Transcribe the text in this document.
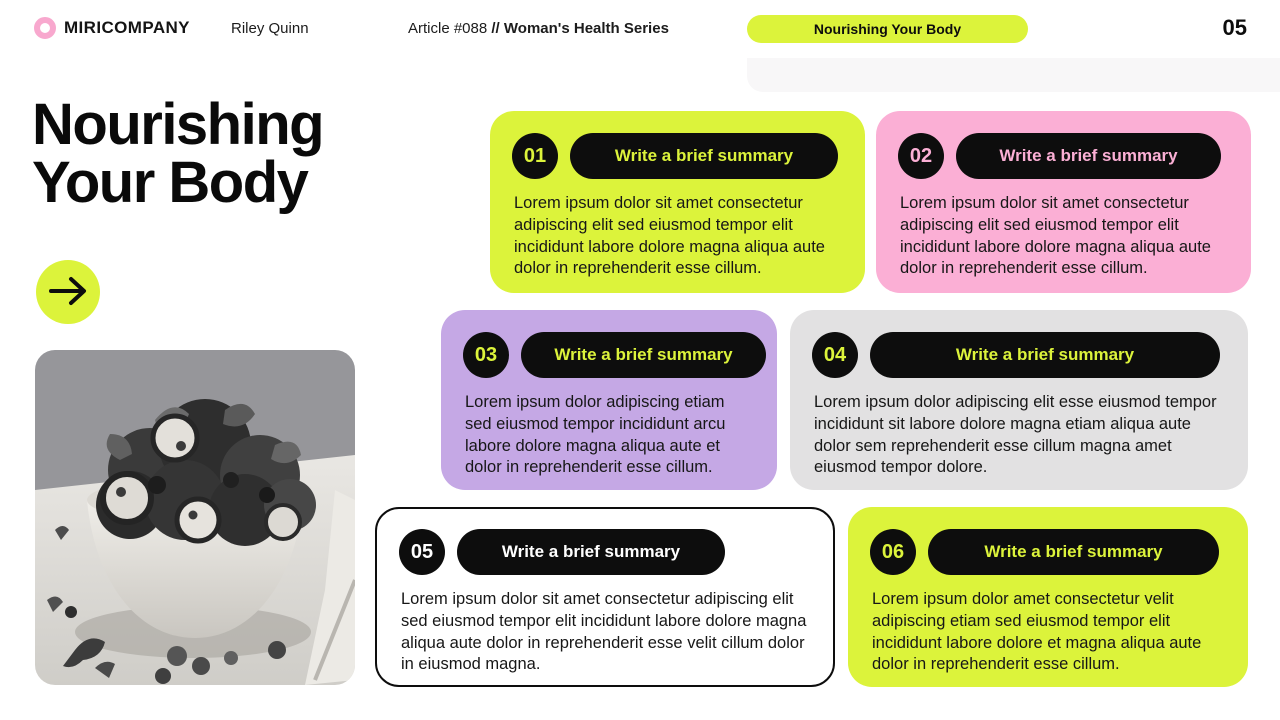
MIRICOMPANY	Riley Quinn	Article #088 // Woman's Health Series	Nourishing Your Body	05
Nourishing
Your Body	01	Write a brief summary

Lorem ipsum dolor sit amet consectetur adipiscing elit sed eiusmod tempor elit incididunt labore dolore magna aliqua aute dolor in reprehenderit esse cillum.

02	Write a brief summary

Lorem ipsum dolor sit amet consectetur adipiscing elit sed eiusmod tempor elit incididunt labore dolore magna aliqua aute dolor in reprehenderit esse cillum.

03	Write a brief summary

Lorem ipsum dolor adipiscing etiam sed eiusmod tempor incididunt arcu labore dolore magna aliqua aute et dolor in reprehenderit esse cillum.

04	Write a brief summary

Lorem ipsum dolor adipiscing elit esse eiusmod tempor incididunt sit labore dolore magna etiam aliqua aute dolor sem reprehenderit esse cillum magna amet eiusmod tempor dolore.

05	Write a brief summary

Lorem ipsum dolor sit amet consectetur adipiscing elit sed eiusmod tempor elit incididunt labore dolore magna aliqua aute dolor in reprehenderit esse velit cillum dolor in eiusmod magna.

06	Write a brief summary

Lorem ipsum dolor amet consectetur velit adipiscing etiam sed eiusmod tempor elit incididunt labore dolore et magna aliqua aute dolor in reprehenderit esse cillum.
